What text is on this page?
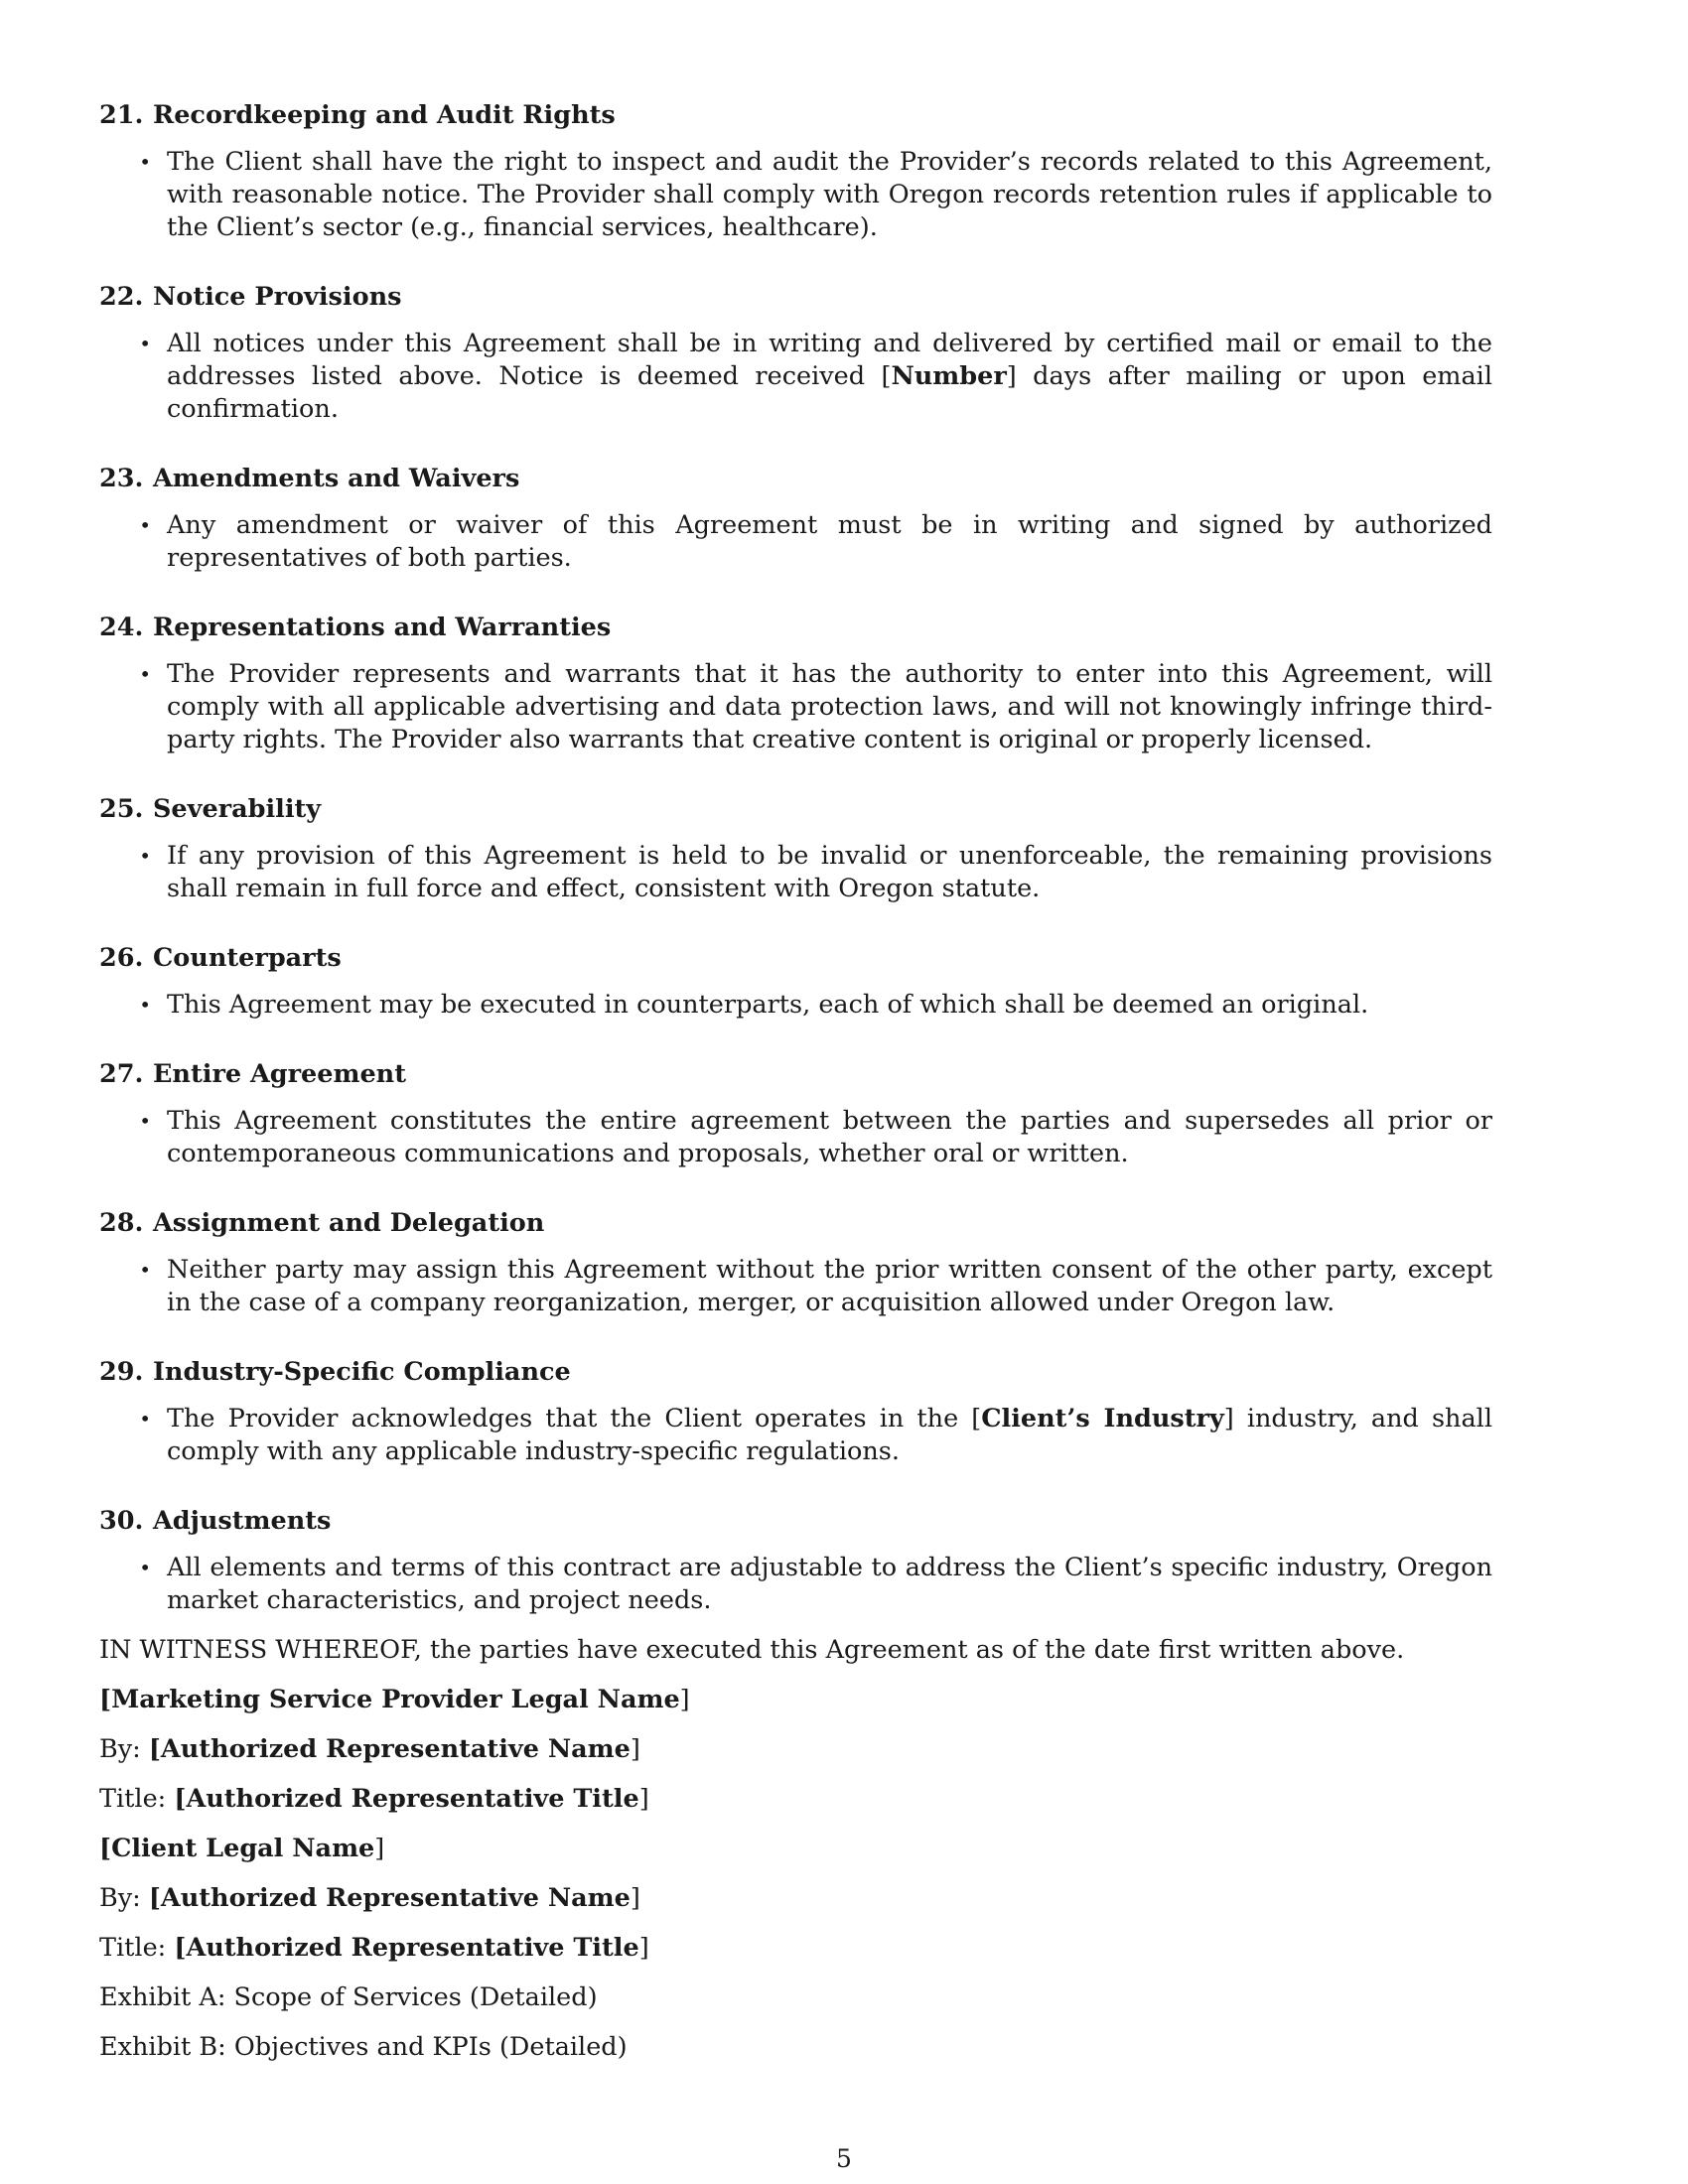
21. Recordkeeping and Audit Rights
• The Client shall have the right to inspect and audit the Provider’s records related to this Agreement, with reasonable notice. The Provider shall comply with Oregon records retention rules if applicable to the Client’s sector (e.g., financial services, healthcare).
22. Notice Provisions
• All notices under this Agreement shall be in writing and delivered by certified mail or email to the addresses listed above. Notice is deemed received [Number] days after mailing or upon email confirmation.
23. Amendments and Waivers
• Any amendment or waiver of this Agreement must be in writing and signed by authorized representatives of both parties.
24. Representations and Warranties
• The Provider represents and warrants that it has the authority to enter into this Agreement, will comply with all applicable advertising and data protection laws, and will not knowingly infringe third-party rights. The Provider also warrants that creative content is original or properly licensed.
25. Severability
• If any provision of this Agreement is held to be invalid or unenforceable, the remaining provisions shall remain in full force and effect, consistent with Oregon statute.
26. Counterparts
• This Agreement may be executed in counterparts, each of which shall be deemed an original.
27. Entire Agreement
• This Agreement constitutes the entire agreement between the parties and supersedes all prior or contemporaneous communications and proposals, whether oral or written.
28. Assignment and Delegation
• Neither party may assign this Agreement without the prior written consent of the other party, except in the case of a company reorganization, merger, or acquisition allowed under Oregon law.
29. Industry-Specific Compliance
• The Provider acknowledges that the Client operates in the [Client’s Industry] industry, and shall comply with any applicable industry-specific regulations.
30. Adjustments
• All elements and terms of this contract are adjustable to address the Client’s specific industry, Oregon market characteristics, and project needs.

IN WITNESS WHEREOF, the parties have executed this Agreement as of the date first written above.

[Marketing Service Provider Legal Name]

By: [Authorized Representative Name]

Title: [Authorized Representative Title]

[Client Legal Name]

By: [Authorized Representative Name]

Title: [Authorized Representative Title]

Exhibit A: Scope of Services (Detailed)

Exhibit B: Objectives and KPIs (Detailed)

5
